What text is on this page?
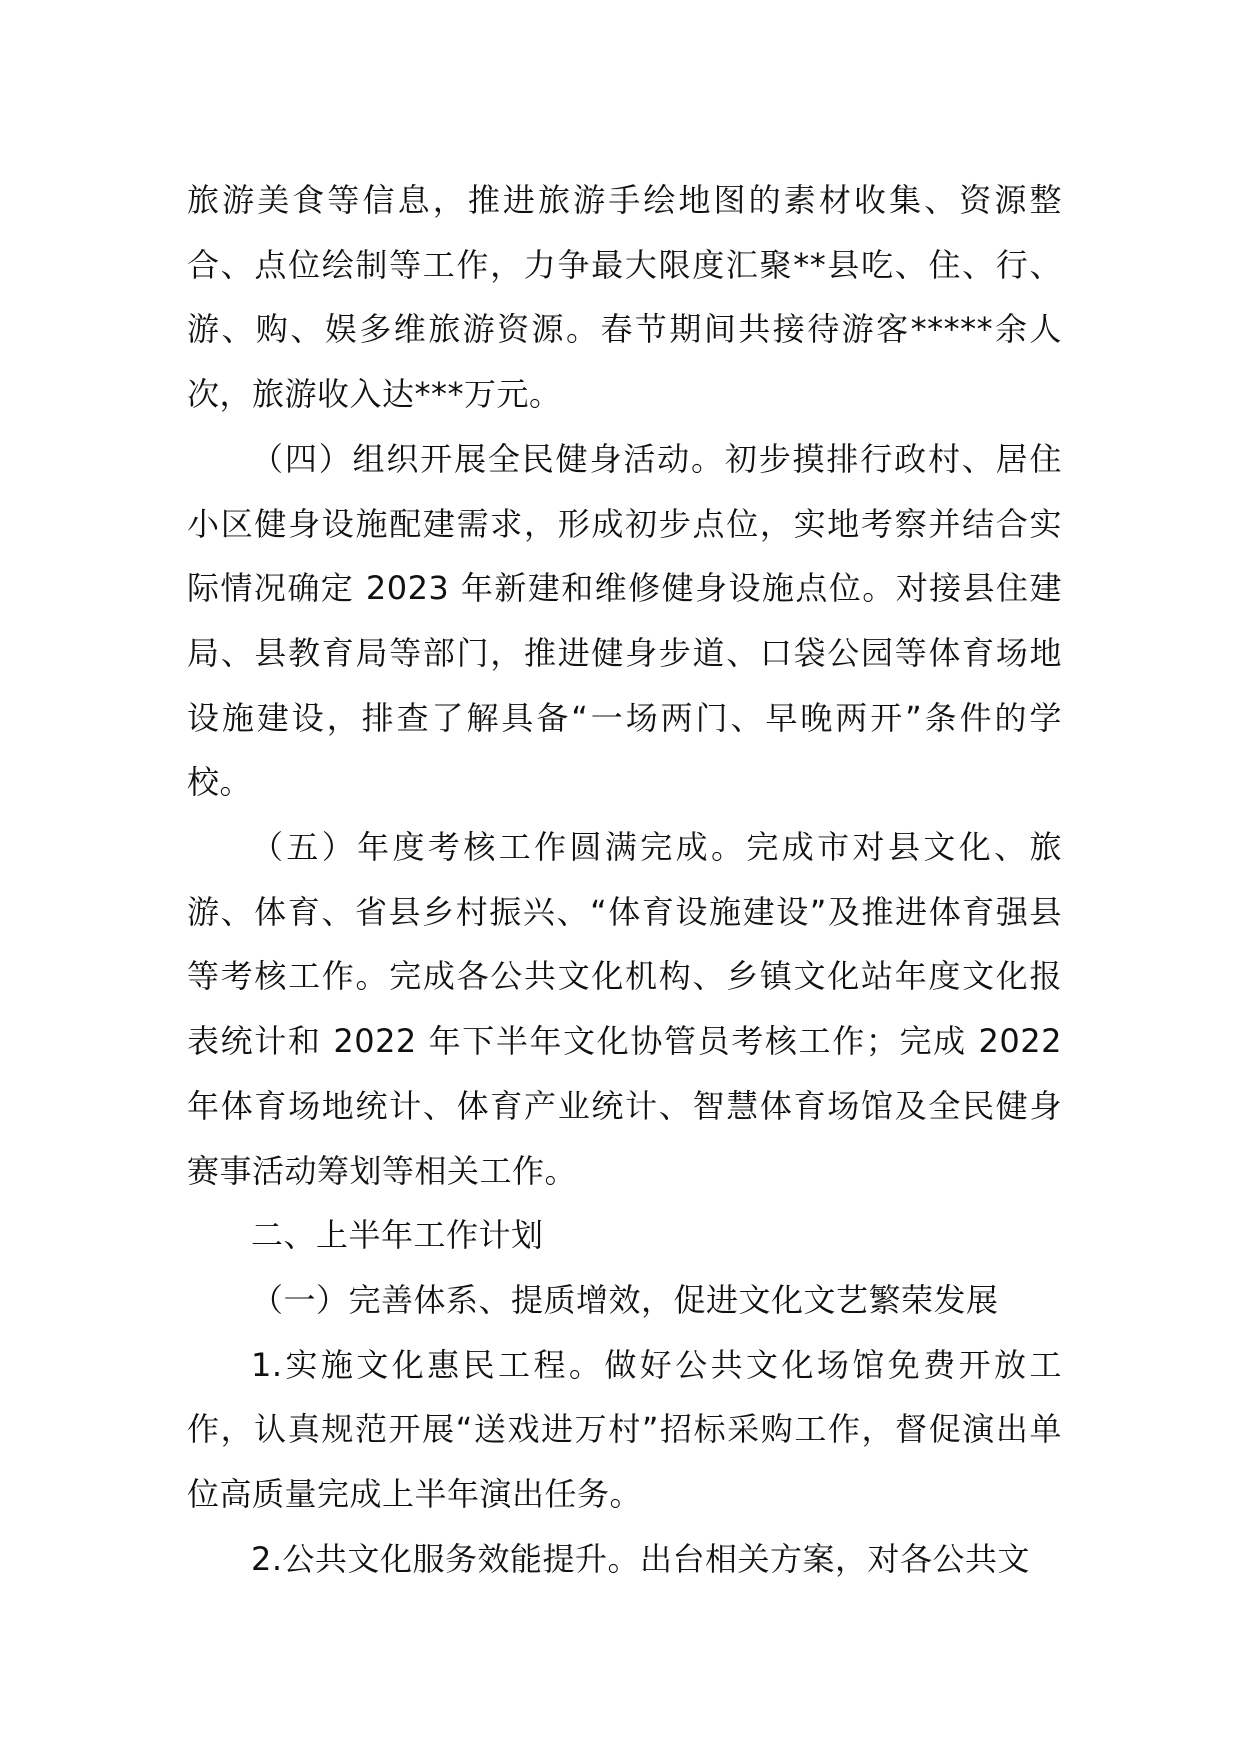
旅游美食等信息，推进旅游手绘地图的素材收集、资源整合、点位绘制等工作，力争最大限度汇聚**县吃、住、行、游、购、娱多维旅游资源。春节期间共接待游客*****余人次，旅游收入达***万元。

（四）组织开展全民健身活动。初步摸排行政村、居住小区健身设施配建需求，形成初步点位，实地考察并结合实际情况确定 2023 年新建和维修健身设施点位。对接县住建局、县教育局等部门，推进健身步道、口袋公园等体育场地设施建设，排查了解具备“一场两门、早晚两开”条件的学校。

（五）年度考核工作圆满完成。完成市对县文化、旅游、体育、省县乡村振兴、“体育设施建设”及推进体育强县等考核工作。完成各公共文化机构、乡镇文化站年度文化报表统计和 2022 年下半年文化协管员考核工作；完成 2022 年体育场地统计、体育产业统计、智慧体育场馆及全民健身赛事活动筹划等相关工作。

二、上半年工作计划

（一）完善体系、提质增效，促进文化文艺繁荣发展

1.实施文化惠民工程。做好公共文化场馆免费开放工作，认真规范开展“送戏进万村”招标采购工作，督促演出单位高质量完成上半年演出任务。

2.公共文化服务效能提升。出台相关方案，对各公共文
